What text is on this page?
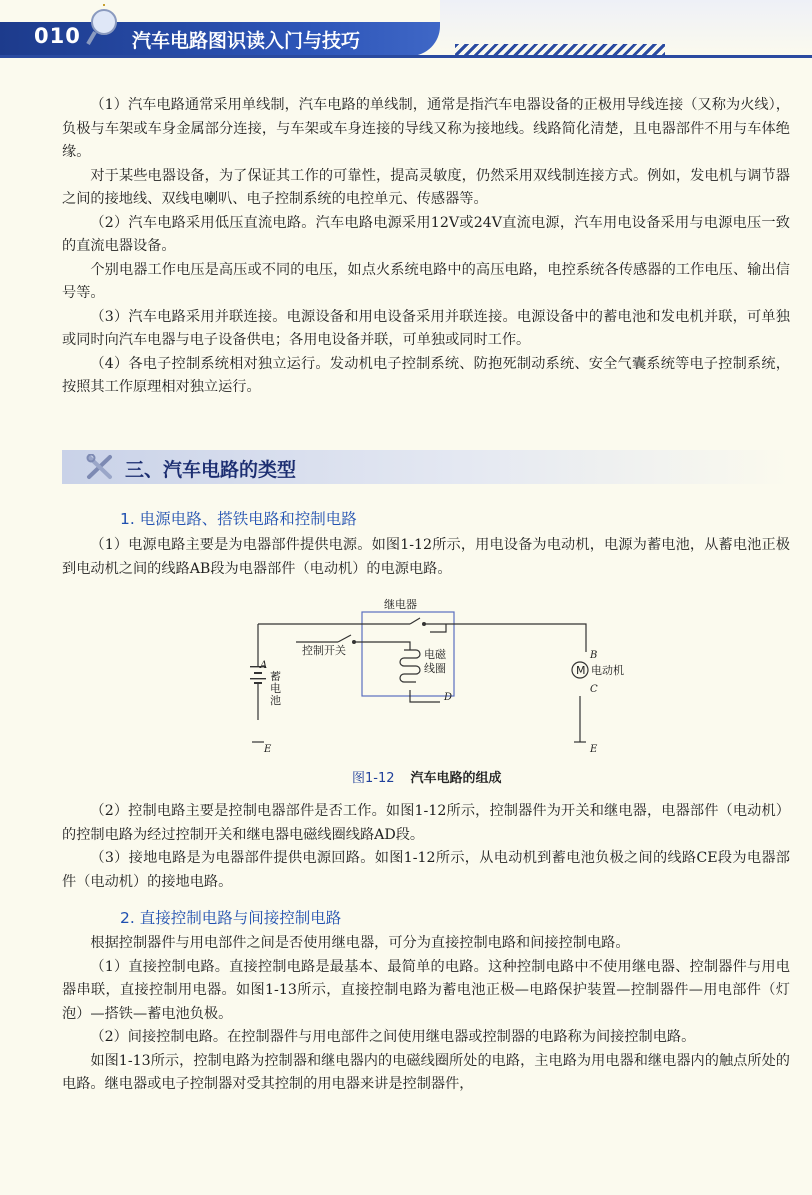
010	汽车电路图识读入门与技巧

（1）汽车电路通常采用单线制，汽车电路的单线制，通常是指汽车电器设备的正极用导线连接（又称为火线），负极与车架或车身金属部分连接，与车架或车身连接的导线又称为接地线。线路简化清楚，且电器部件不用与车体绝缘。

对于某些电器设备，为了保证其工作的可靠性，提高灵敏度，仍然采用双线制连接方式。例如，发电机与调节器之间的接地线、双线电喇叭、电子控制系统的电控单元、传感器等。

（2）汽车电路采用低压直流电路。汽车电路电源采用12V或24V直流电源，汽车用电设备采用与电源电压一致的直流电器设备。

个别电器工作电压是高压或不同的电压，如点火系统电路中的高压电路，电控系统各传感器的工作电压、输出信号等。

（3）汽车电路采用并联连接。电源设备和用电设备采用并联连接。电源设备中的蓄电池和发电机并联，可单独或同时向汽车电器与电子设备供电；各用电设备并联，可单独或同时工作。

（4）各电子控制系统相对独立运行。发动机电子控制系统、防抱死制动系统、安全气囊系统等电子控制系统，按照其工作原理相对独立运行。

三、汽车电路的类型
1. 电源电路、搭铁电路和控制电路

（1）电源电路主要是为电器部件提供电源。如图1-12所示，用电设备为电动机，电源为蓄电池，从蓄电池正极到电动机之间的线路AB段为电器部件（电动机）的电源电路。

继电器
控制开关	电磁
线圈
蓄
电
池
M 电动机
A
B
C
D
E	E
图1-12 汽车电路的组成

（2）控制电路主要是控制电器部件是否工作。如图1-12所示，控制器件为开关和继电器，电器部件（电动机）的控制电路为经过控制开关和继电器电磁线圈线路AD段。

（3）接地电路是为电器部件提供电源回路。如图1-12所示，从电动机到蓄电池负极之间的线路CE段为电器部件（电动机）的接地电路。

2. 直接控制电路与间接控制电路

根据控制器件与用电部件之间是否使用继电器，可分为直接控制电路和间接控制电路。

（1）直接控制电路。直接控制电路是最基本、最简单的电路。这种控制电路中不使用继电器、控制器件与用电器串联，直接控制用电器。如图1-13所示，直接控制电路为蓄电池正极—电路保护装置—控制器件—用电部件（灯泡）—搭铁—蓄电池负极。

（2）间接控制电路。在控制器件与用电部件之间使用继电器或控制器的电路称为间接控制电路。

如图1-13所示，控制电路为控制器和继电器内的电磁线圈所处的电路，主电路为用电器和继电器内的触点所处的电路。继电器或电子控制器对受其控制的用电器来讲是控制器件，
